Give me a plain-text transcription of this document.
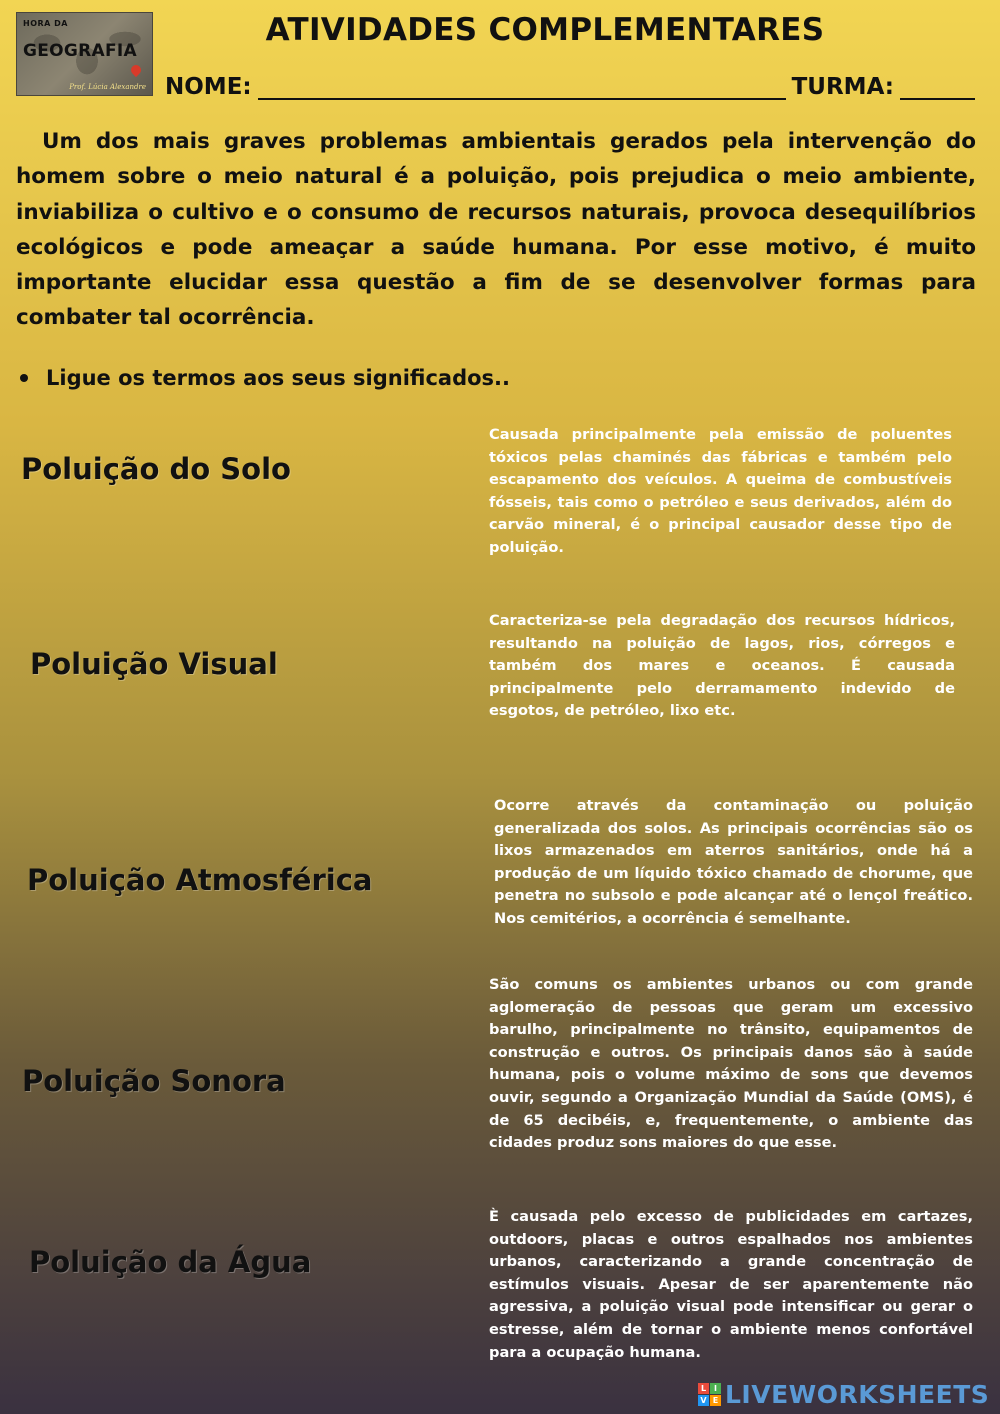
HORA DA
GEOGRAFIA
Prof. Lúcia Alexandre
ATIVIDADES COMPLEMENTARES
NOME:	TURMA:

Um dos mais graves problemas ambientais gerados pela intervenção do homem sobre o meio natural é a poluição, pois prejudica o meio ambiente, inviabiliza o cultivo e o consumo de recursos naturais, provoca desequilíbrios ecológicos e pode ameaçar a saúde humana. Por esse motivo, é muito importante elucidar essa questão a fim de se desenvolver formas para combater tal ocorrência.

Ligue os termos aos seus significados..

Poluição do Solo

Poluição Visual

Poluição Atmosférica

Poluição Sonora

Poluição da Água

Causada principalmente pela emissão de poluentes tóxicos pelas chaminés das fábricas e também pelo escapamento dos veículos. A queima de combustíveis fósseis, tais como o petróleo e seus derivados, além do carvão mineral, é o principal causador desse tipo de poluição.

Caracteriza-se pela degradação dos recursos hídricos, resultando na poluição de lagos, rios, córregos e também dos mares e oceanos. É causada principalmente pelo derramamento indevido de esgotos, de petróleo, lixo etc.

Ocorre através da contaminação ou poluição generalizada dos solos. As principais ocorrências são os lixos armazenados em aterros sanitários, onde há a produção de um líquido tóxico chamado de chorume, que penetra no subsolo e pode alcançar até o lençol freático. Nos cemitérios, a ocorrência é semelhante.

São comuns os ambientes urbanos ou com grande aglomeração de pessoas que geram um excessivo barulho, principalmente no trânsito, equipamentos de construção e outros. Os principais danos são à saúde humana, pois o volume máximo de sons que devemos ouvir, segundo a Organização Mundial da Saúde (OMS), é de 65 decibéis, e, frequentemente, o ambiente das cidades produz sons maiores do que esse.

È causada pelo excesso de publicidades em cartazes, outdoors, placas e outros espalhados nos ambientes urbanos, caracterizando a grande concentração de estímulos visuais. Apesar de ser aparentemente não agressiva, a poluição visual pode intensificar ou gerar o estresse, além de tornar o ambiente menos confortável para a ocupação humana.

L I
V E LIVEWORKSHEETS
